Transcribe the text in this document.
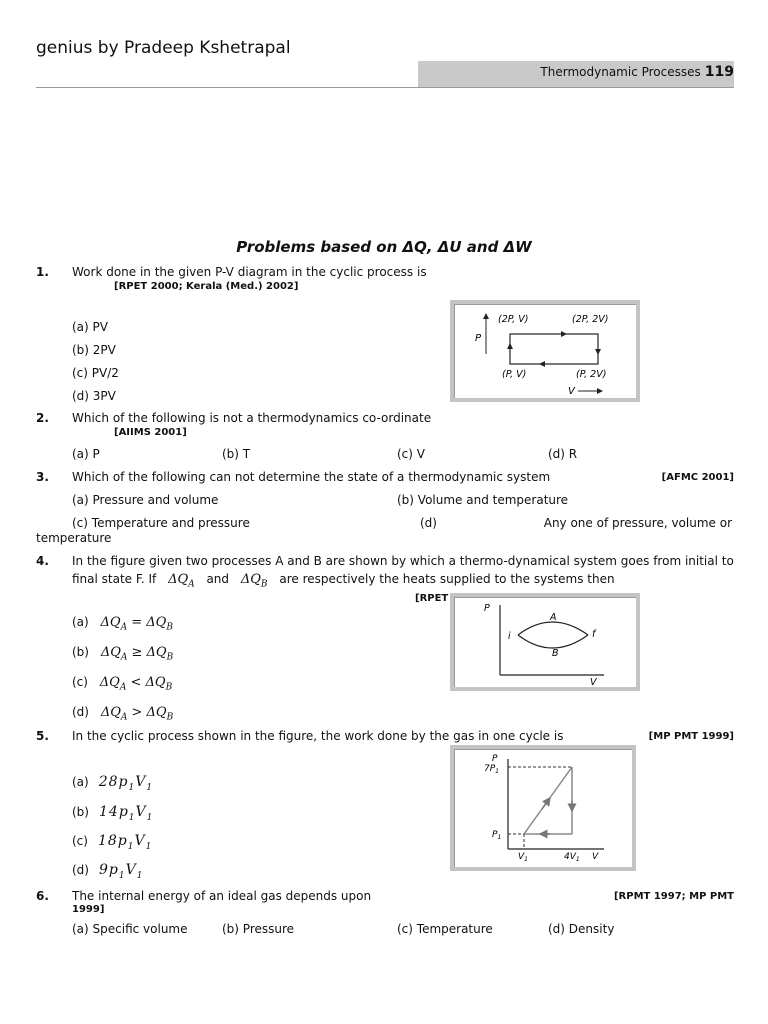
genius by Pradeep Kshetrapal
Thermodynamic Processes 119
Problems based on ΔQ, ΔU and ΔW
1. Work done in the given P-V diagram in the cyclic process is
[RPET 2000; Kerala (Med.) 2002]
(a) PV
(b) 2PV
(c) PV/2
(d) 3PV
P
V
(2P, V)	(2P, 2V)
(P, V)	(P, 2V)
2. Which of the following is not a thermodynamics co-ordinate
[AIIMS 2001]
(a) P	(b) T	(c) V	(d) R
3. Which of the following can not determine the state of a thermodynamic system	[AFMC 2001]
(a) Pressure and volume	(b) Volume and temperature
(c) Temperature and pressure	(d)	Any one of pressure, volume or
temperature
4. In the figure given two processes A and B are shown by which a thermo-dynamical system goes from initial to
final state F. If $\Delta Q_A$ and $\Delta Q_B$ are respectively the heats supplied to the systems then
[RPET
(a) $\Delta Q_A = \Delta Q_B$
(b) $\Delta Q_A \ge \Delta Q_B$
(c) $\Delta Q_A < \Delta Q_B$
(d) $\Delta Q_A > \Delta Q_B$
P
V
A
B
i	f
5. In the cyclic process shown in the figure, the work done by the gas in one cycle is	[MP PMT 1999]
(a) $28p_1V_1$
(b) $14p_1V_1$
(c) $18p_1V_1$
(d) $9p_1V_1$
P
V
$7P_1$
$P_1$
$V_1$	$4V_1$
6. The internal energy of an ideal gas depends upon	[RPMT 1997; MP PMT
1999]
(a) Specific volume	(b) Pressure	(c) Temperature	(d) Density
